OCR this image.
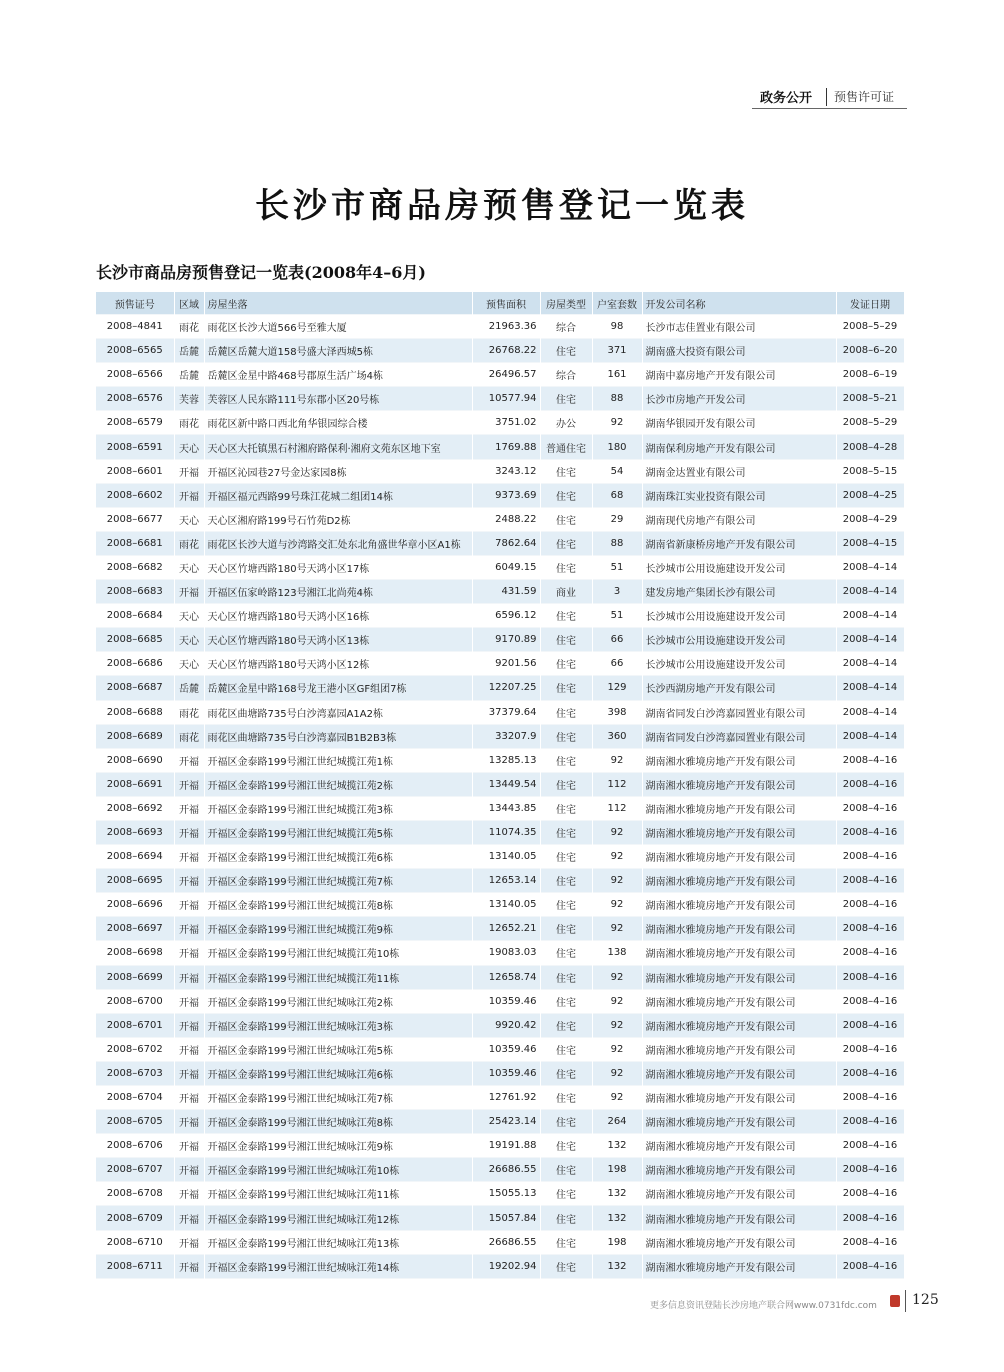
政务公开 预售许可证
长沙市商品房预售登记一览表
长沙市商品房预售登记一览表(2008年4–6月)
预售证号	区域	房屋坐落	预售面积	房屋类型	户室套数	开发公司名称	发证日期
2008–4841	雨花	雨花区长沙大道566号至雅大厦	21963.36	综合	98	长沙市志佳置业有限公司	2008–5–29
2008–6565	岳麓	岳麓区岳麓大道158号盛大泽西城5栋	26768.22	住宅	371	湖南盛大投资有限公司	2008–6–20
2008–6566	岳麓	岳麓区金星中路468号郡原生活广场4栋	26496.57	综合	161	湖南中嘉房地产开发有限公司	2008–6–19
2008–6576	芙蓉	芙蓉区人民东路111号东郡小区20号栋	10577.94	住宅	88	长沙市房地产开发公司	2008–5–21
2008–6579	雨花	雨花区新中路口西北角华银园综合楼	3751.02	办公	92	湖南华银园开发有限公司	2008–5–29
2008–6591	天心	天心区大托镇黑石村湘府路保利·湘府文苑东区地下室	1769.88	普通住宅	180	湖南保利房地产开发有限公司	2008–4–28
2008–6601	开福	开福区沁园巷27号金达家园8栋	3243.12	住宅	54	湖南金达置业有限公司	2008–5–15
2008–6602	开福	开福区福元西路99号珠江花城二组团14栋	9373.69	住宅	68	湖南珠江实业投资有限公司	2008–4–25
2008–6677	天心	天心区湘府路199号石竹苑D2栋	2488.22	住宅	29	湖南现代房地产有限公司	2008–4–29
2008–6681	雨花	雨花区长沙大道与沙湾路交汇处东北角盛世华章小区A1栋	7862.64	住宅	88	湖南省新康桥房地产开发有限公司	2008–4–15
2008–6682	天心	天心区竹塘西路180号天鸿小区17栋	6049.15	住宅	51	长沙城市公用设施建设开发公司	2008–4–14
2008–6683	开福	开福区伍家岭路123号湘江北尚苑4栋	431.59	商业	3	建发房地产集团长沙有限公司	2008–4–14
2008–6684	天心	天心区竹塘西路180号天鸿小区16栋	6596.12	住宅	51	长沙城市公用设施建设开发公司	2008–4–14
2008–6685	天心	天心区竹塘西路180号天鸿小区13栋	9170.89	住宅	66	长沙城市公用设施建设开发公司	2008–4–14
2008–6686	天心	天心区竹塘西路180号天鸿小区12栋	9201.56	住宅	66	长沙城市公用设施建设开发公司	2008–4–14
2008–6687	岳麓	岳麓区金星中路168号龙王港小区GF组团7栋	12207.25	住宅	129	长沙西湖房地产开发有限公司	2008–4–14
2008–6688	雨花	雨花区曲塘路735号白沙湾嘉园A1A2栋	37379.64	住宅	398	湖南省同发白沙湾嘉园置业有限公司	2008–4–14
2008–6689	雨花	雨花区曲塘路735号白沙湾嘉园B1B2B3栋	33207.9	住宅	360	湖南省同发白沙湾嘉园置业有限公司	2008–4–14
2008–6690	开福	开福区金泰路199号湘江世纪城揽江苑1栋	13285.13	住宅	92	湖南湘水雅境房地产开发有限公司	2008–4–16
2008–6691	开福	开福区金泰路199号湘江世纪城揽江苑2栋	13449.54	住宅	112	湖南湘水雅境房地产开发有限公司	2008–4–16
2008–6692	开福	开福区金泰路199号湘江世纪城揽江苑3栋	13443.85	住宅	112	湖南湘水雅境房地产开发有限公司	2008–4–16
2008–6693	开福	开福区金泰路199号湘江世纪城揽江苑5栋	11074.35	住宅	92	湖南湘水雅境房地产开发有限公司	2008–4–16
2008–6694	开福	开福区金泰路199号湘江世纪城揽江苑6栋	13140.05	住宅	92	湖南湘水雅境房地产开发有限公司	2008–4–16
2008–6695	开福	开福区金泰路199号湘江世纪城揽江苑7栋	12653.14	住宅	92	湖南湘水雅境房地产开发有限公司	2008–4–16
2008–6696	开福	开福区金泰路199号湘江世纪城揽江苑8栋	13140.05	住宅	92	湖南湘水雅境房地产开发有限公司	2008–4–16
2008–6697	开福	开福区金泰路199号湘江世纪城揽江苑9栋	12652.21	住宅	92	湖南湘水雅境房地产开发有限公司	2008–4–16
2008–6698	开福	开福区金泰路199号湘江世纪城揽江苑10栋	19083.03	住宅	138	湖南湘水雅境房地产开发有限公司	2008–4–16
2008–6699	开福	开福区金泰路199号湘江世纪城揽江苑11栋	12658.74	住宅	92	湖南湘水雅境房地产开发有限公司	2008–4–16
2008–6700	开福	开福区金泰路199号湘江世纪城咏江苑2栋	10359.46	住宅	92	湖南湘水雅境房地产开发有限公司	2008–4–16
2008–6701	开福	开福区金泰路199号湘江世纪城咏江苑3栋	9920.42	住宅	92	湖南湘水雅境房地产开发有限公司	2008–4–16
2008–6702	开福	开福区金泰路199号湘江世纪城咏江苑5栋	10359.46	住宅	92	湖南湘水雅境房地产开发有限公司	2008–4–16
2008–6703	开福	开福区金泰路199号湘江世纪城咏江苑6栋	10359.46	住宅	92	湖南湘水雅境房地产开发有限公司	2008–4–16
2008–6704	开福	开福区金泰路199号湘江世纪城咏江苑7栋	12761.92	住宅	92	湖南湘水雅境房地产开发有限公司	2008–4–16
2008–6705	开福	开福区金泰路199号湘江世纪城咏江苑8栋	25423.14	住宅	264	湖南湘水雅境房地产开发有限公司	2008–4–16
2008–6706	开福	开福区金泰路199号湘江世纪城咏江苑9栋	19191.88	住宅	132	湖南湘水雅境房地产开发有限公司	2008–4–16
2008–6707	开福	开福区金泰路199号湘江世纪城咏江苑10栋	26686.55	住宅	198	湖南湘水雅境房地产开发有限公司	2008–4–16
2008–6708	开福	开福区金泰路199号湘江世纪城咏江苑11栋	15055.13	住宅	132	湖南湘水雅境房地产开发有限公司	2008–4–16
2008–6709	开福	开福区金泰路199号湘江世纪城咏江苑12栋	15057.84	住宅	132	湖南湘水雅境房地产开发有限公司	2008–4–16
2008–6710	开福	开福区金泰路199号湘江世纪城咏江苑13栋	26686.55	住宅	198	湖南湘水雅境房地产开发有限公司	2008–4–16
2008–6711	开福	开福区金泰路199号湘江世纪城咏江苑14栋	19202.94	住宅	132	湖南湘水雅境房地产开发有限公司	2008–4–16
更多信息资讯登陆长沙房地产联合网www.0731fdc.com	125
